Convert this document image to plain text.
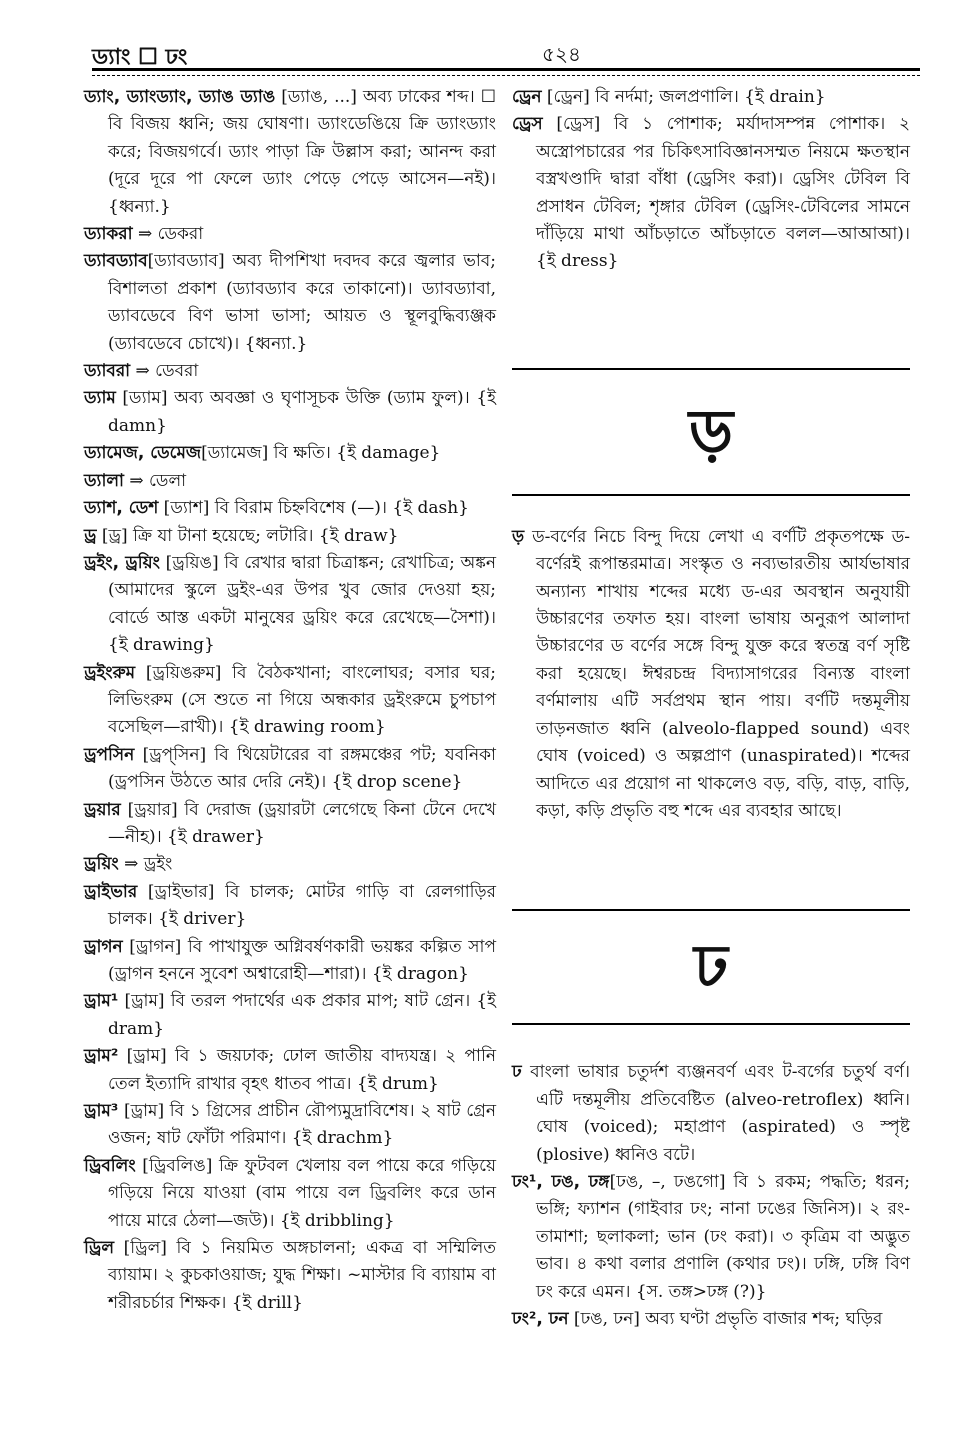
ড্যাং ☐ ঢং	৫২৪
ড্যাং, ড্যাংড্যাং, ড্যাঙ ড্যাঙ [ড্যাঙ, ...] অব্য ঢাকের শব্দ। ☐ বি বিজয় ধ্বনি; জয় ঘোষণা। ড্যাংডেঙিয়ে ক্রি ড্যাংড্যাং করে; বিজয়গর্বে। ড্যাং পাড়া ক্রি উল্লাস করা; আনন্দ করা (দূরে দূরে পা ফেলে ড্যাং পেড়ে পেড়ে আসেন—নই)। {ধ্বন্যা.}
ড্যাকরা ⇒ ডেকরা
ড্যাবড্যাব[ড্যাবড্যাব] অব্য দীপশিখা দবদব করে জ্বলার ভাব; বিশালতা প্রকাশ (ড্যাবড্যাব করে তাকানো)। ড্যাবড্যাবা, ড্যাবডেবে বিণ ভাসা ভাসা; আয়ত ও স্থূলবুদ্ধিব্যঞ্জক (ড্যাবডেবে চোখে)। {ধ্বন্যা.}
ড্যাবরা ⇒ ডেবরা
ড্যাম [ড্যাম] অব্য অবজ্ঞা ও ঘৃণাসূচক উক্তি (ড্যাম ফুল)। {ই damn}
ড্যামেজ, ডেমেজ[ড্যামেজ] বি ক্ষতি। {ই damage}
ড্যালা ⇒ ডেলা
ড্যাশ, ডেশ [ড্যাশ] বি বিরাম চিহ্নবিশেষ (—)। {ই dash}
ড্র [ড্র] ক্রি যা টানা হয়েছে; লটারি। {ই draw}
ড্রইং, ড্রয়িং [ড্রয়িঙ] বি রেখার দ্বারা চিত্রাঙ্কন; রেখাচিত্র; অঙ্কন (আমাদের স্কুলে ড্রইং-এর উপর খুব জোর দেওয়া হয়; বোর্ডে আস্ত একটা মানুষের ড্রয়িং করে রেখেছে—সৈশা)। {ই drawing}
ড্রইংরুম [ড্রয়িঙরুম] বি বৈঠকখানা; বাংলোঘর; বসার ঘর; লিভিংরুম (সে শুতে না গিয়ে অন্ধকার ড্রইংরুমে চুপচাপ বসেছিল—রাখী)। {ই drawing room}
ড্রপসিন [ড্রপ্‌সিন] বি থিয়েটারের বা রঙ্গমঞ্চের পট; যবনিকা (ড্রপসিন উঠতে আর দেরি নেই)। {ই drop scene}
ড্রয়ার [ড্রয়ার] বি দেরাজ (ড্রয়ারটা লেগেছে কিনা টেনে দেখে—নীহ)। {ই drawer}
ড্রয়িং ⇒ ড্রইং
ড্রাইভার [ড্রাইভার] বি চালক; মোটর গাড়ি বা রেলগাড়ির চালক। {ই driver}
ড্রাগন [ড্রাগন] বি পাখাযুক্ত অগ্নিবর্ষণকারী ভয়ঙ্কর কল্পিত সাপ (ড্রাগন হননে সুবেশ অশ্বারোহী—শারা)। {ই dragon}
ড্রাম¹ [ড্রাম] বি তরল পদার্থের এক প্রকার মাপ; ষাট গ্রেন। {ই dram}
ড্রাম² [ড্রাম] বি ১ জয়ঢাক; ঢোল জাতীয় বাদ্যযন্ত্র। ২ পানি তেল ইত্যাদি রাখার বৃহৎ ধাতব পাত্র। {ই drum}
ড্রাম³ [ড্রাম] বি ১ গ্রিসের প্রাচীন রৌপ্যমুদ্রাবিশেষ। ২ ষাট গ্রেন ওজন; ষাট ফোঁটা পরিমাণ। {ই drachm}
ড্রিবলিং [ড্রিবলিঙ] ক্রি ফুটবল খেলায় বল পায়ে করে গড়িয়ে গড়িয়ে নিয়ে যাওয়া (বাম পায়ে বল ড্রিবলিং করে ডান পায়ে মারে ঠেলা—জউ)। {ই dribbling}
ড্রিল [ড্রিল] বি ১ নিয়মিত অঙ্গচালনা; একত্র বা সম্মিলিত ব্যায়াম। ২ কুচকাওয়াজ; যুদ্ধ শিক্ষা। ~মাস্টার বি ব্যায়াম বা শরীরচর্চার শিক্ষক। {ই drill}
ড্রেন [ড্রেন] বি নর্দমা; জলপ্রণালি। {ই drain}
ড্রেস [ড্রেস] বি ১ পোশাক; মর্যাদাসম্পন্ন পোশাক। ২ অস্ত্রোপচারের পর চিকিৎসাবিজ্ঞানসম্মত নিয়মে ক্ষতস্থান বস্ত্রখণ্ডাদি দ্বারা বাঁধা (ড্রেসিং করা)। ড্রেসিং টেবিল বি প্রসাধন টেবিল; শৃঙ্গার টেবিল (ড্রেসিং-টেবিলের সামনে দাঁড়িয়ে মাথা আঁচড়াতে আঁচড়াতে বলল—আআআ)। {ই dress}
ড়
ড় ড-বর্ণের নিচে বিন্দু দিয়ে লেখা এ বর্ণটি প্রকৃতপক্ষে ড-বর্ণেরই রূপান্তরমাত্র। সংস্কৃত ও নব্যভারতীয় আর্যভাষার অন্যান্য শাখায় শব্দের মধ্যে ড-এর অবস্থান অনুযায়ী উচ্চারণের তফাত হয়। বাংলা ভাষায় অনুরূপ আলাদা উচ্চারণের ড বর্ণের সঙ্গে বিন্দু যুক্ত করে স্বতন্ত্র বর্ণ সৃষ্টি করা হয়েছে। ঈশ্বরচন্দ্র বিদ্যাসাগরের বিন্যস্ত বাংলা বর্ণমালায় এটি সর্বপ্রথম স্থান পায়। বর্ণটি দন্তমূলীয় তাড়নজাত ধ্বনি (alveolo-flapped sound) এবং ঘোষ (voiced) ও অল্পপ্রাণ (unaspirated)। শব্দের আদিতে এর প্রয়োগ না থাকলেও বড়, বড়ি, বাড়, বাড়ি, কড়া, কড়ি প্রভৃতি বহু শব্দে এর ব্যবহার আছে।
ঢ
ঢ বাংলা ভাষার চতুর্দশ ব্যঞ্জনবর্ণ এবং ট-বর্গের চতুর্থ বর্ণ। এটি দন্তমূলীয় প্রতিবেষ্টিত (alveo-retroflex) ধ্বনি। ঘোষ (voiced); মহাপ্রাণ (aspirated) ও স্পৃষ্ট (plosive) ধ্বনিও বটে।
ঢং¹, ঢঙ, ঢঙ্গ[ঢঙ, –, ঢঙগো] বি ১ রকম; পদ্ধতি; ধরন; ভঙ্গি; ফ্যাশন (গাইবার ঢং; নানা ঢঙের জিনিস)। ২ রং-তামাশা; ছলাকলা; ভান (ঢং করা)। ৩ কৃত্রিম বা অদ্ভুত ভাব। ৪ কথা বলার প্রণালি (কথার ঢং)। ঢঙ্গি, ঢঙ্গি বিণ ঢং করে এমন। {স. তঙ্গ>ঢঙ্গ (?)}
ঢং², ঢন [ঢঙ, ঢন] অব্য ঘণ্টা প্রভৃতি বাজার শব্দ; ঘড়ির
